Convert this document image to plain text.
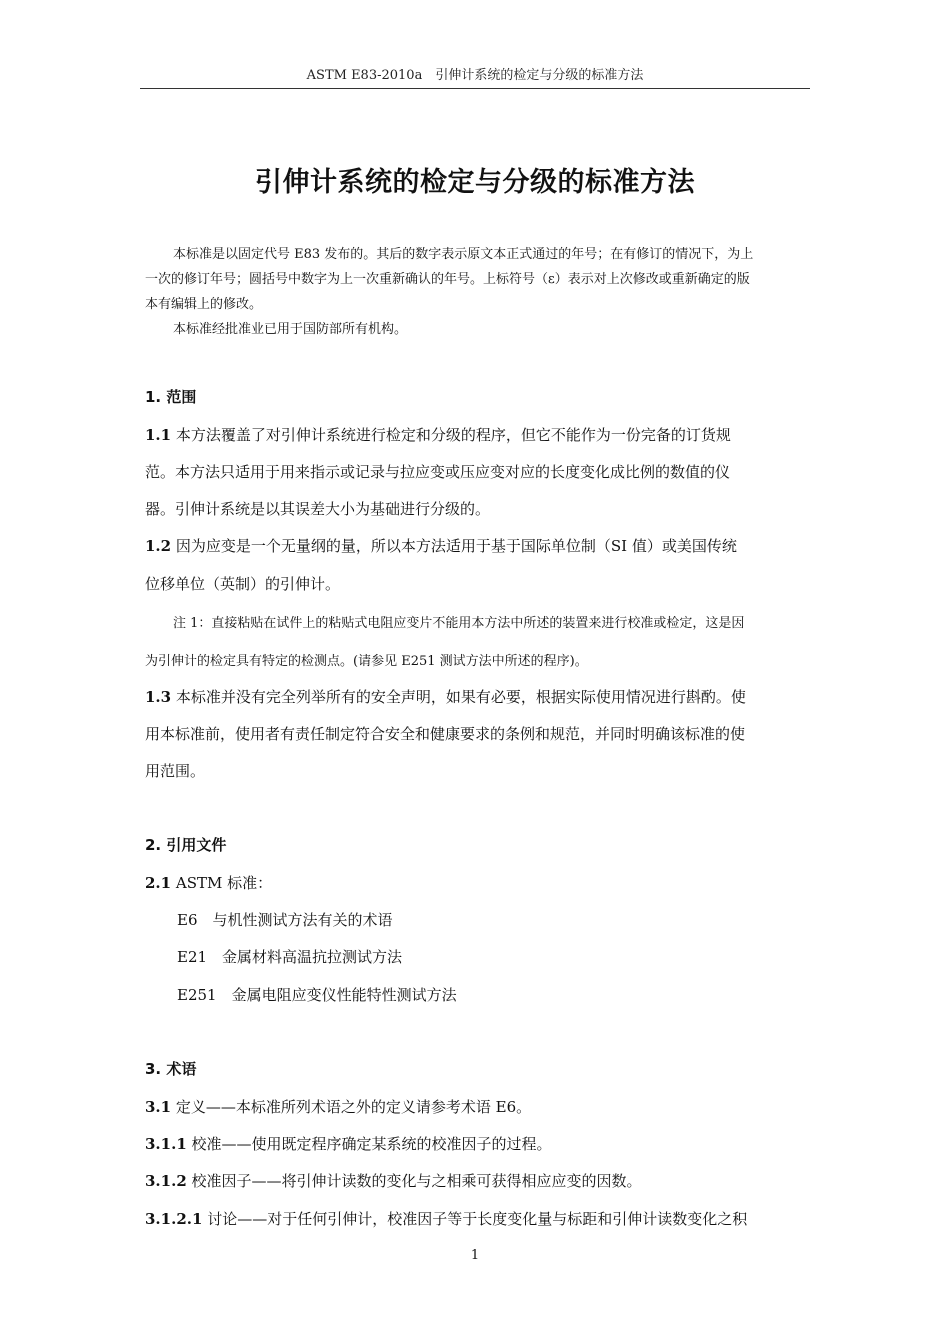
ASTM E83-2010a　引伸计系统的检定与分级的标准方法
引伸计系统的检定与分级的标准方法
本标准是以固定代号 E83 发布的。其后的数字表示原文本正式通过的年号；在有修订的情况下，为上
一次的修订年号；圆括号中数字为上一次重新确认的年号。上标符号（ε）表示对上次修改或重新确定的版
本有编辑上的修改。
本标准经批准业已用于国防部所有机构。
1. 范围
1.1 本方法覆盖了对引伸计系统进行检定和分级的程序，但它不能作为一份完备的订货规
范。本方法只适用于用来指示或记录与拉应变或压应变对应的长度变化成比例的数值的仪
器。引伸计系统是以其误差大小为基础进行分级的。
1.2 因为应变是一个无量纲的量，所以本方法适用于基于国际单位制（SI 值）或美国传统
位移单位（英制）的引伸计。
注 1：直接粘贴在试件上的粘贴式电阻应变片不能用本方法中所述的装置来进行校准或检定，这是因
为引伸计的检定具有特定的检测点。(请参见 E251 测试方法中所述的程序)。
1.3 本标准并没有完全列举所有的安全声明，如果有必要，根据实际使用情况进行斟酌。使
用本标准前，使用者有责任制定符合安全和健康要求的条例和规范，并同时明确该标准的使
用范围。
2. 引用文件
2.1 ASTM 标准：
E6　与机性测试方法有关的术语
E21　金属材料高温抗拉测试方法
E251　金属电阻应变仪性能特性测试方法
3. 术语
3.1 定义——本标准所列术语之外的定义请参考术语 E6。
3.1.1 校准——使用既定程序确定某系统的校准因子的过程。
3.1.2 校准因子——将引伸计读数的变化与之相乘可获得相应应变的因数。
3.1.2.1 讨论——对于任何引伸计，校准因子等于长度变化量与标距和引伸计读数变化之积
1
